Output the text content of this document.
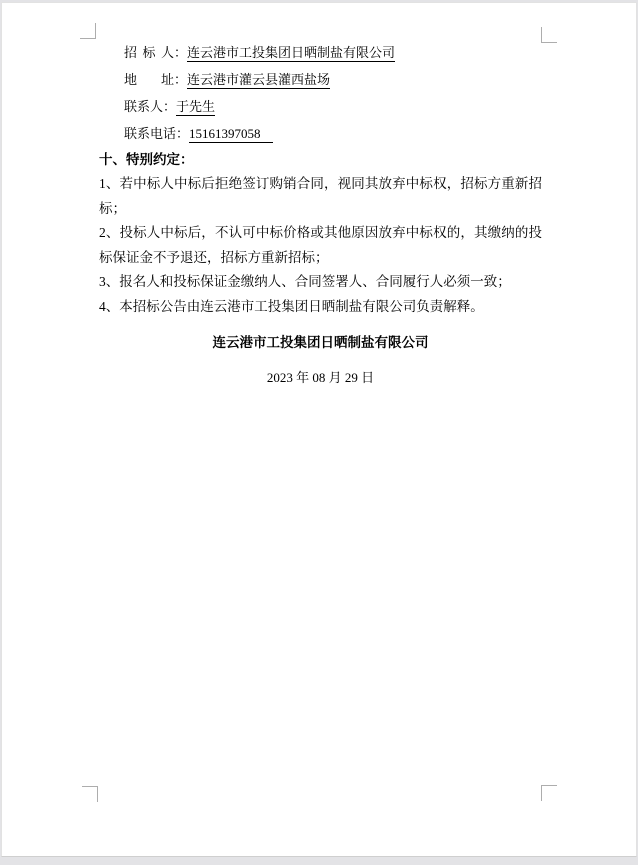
招标人：连云港市工投集团日晒制盐有限公司
地址：连云港市灌云县灌西盐场
联系人：于先生
联系电话：15161397058
十、特别约定：

1、若中标人中标后拒绝签订购销合同，视同其放弃中标权，招标方重新招标；

2、投标人中标后，不认可中标价格或其他原因放弃中标权的，其缴纳的投标保证金不予退还，招标方重新招标；

3、报名人和投标保证金缴纳人、合同签署人、合同履行人必须一致；

4、本招标公告由连云港市工投集团日晒制盐有限公司负责解释。

连云港市工投集团日晒制盐有限公司
2023 年 08 月 29 日
